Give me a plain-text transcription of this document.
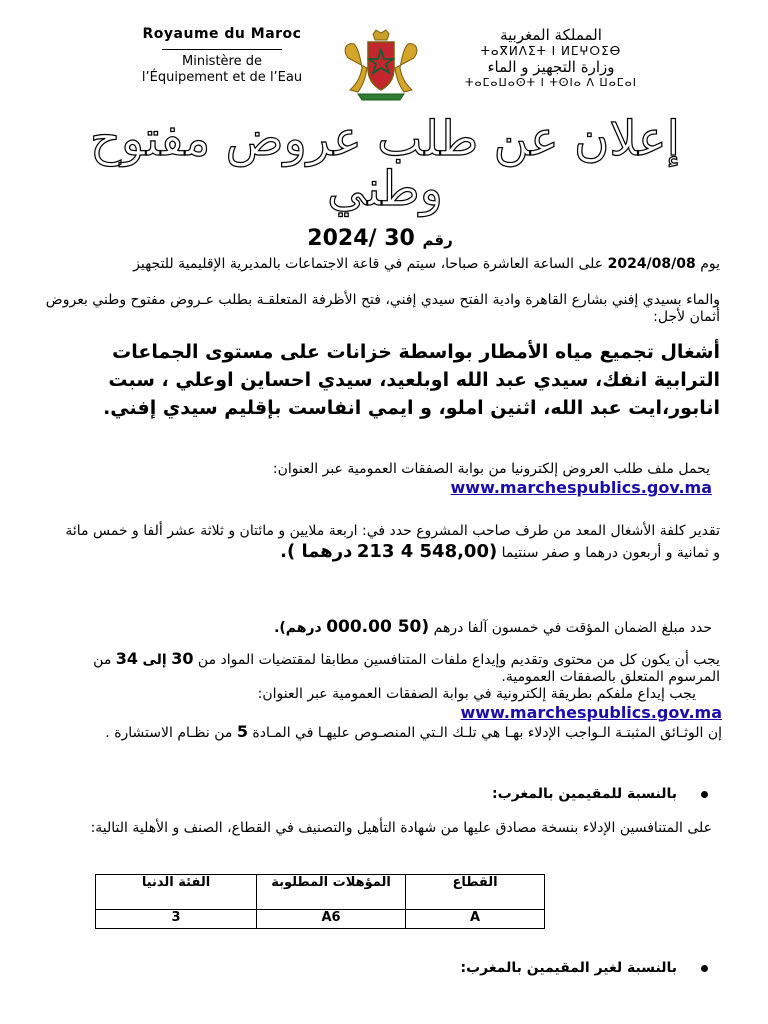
Royaume du Maroc
Ministère de
l’Équipement et de l’Eau
المملكة المغربية
ⵜⴰⴳⵍⴷⵉⵜ ⵏ ⵍⵎⵖⵔⵉⴱ
وزارة التجهيز و الماء
ⵜⴰⵎⴰⵡⴰⵙⵜ ⵏ ⵜⵙⵏⴰ ⴷ ⵡⴰⵎⴰⵏ
إعلان عن طلب عروض مفتوح وطني
رقم 2024/ 30
يوم 2024/08/08 على الساعة العاشرة صباحا، سيتم في قاعة الاجتماعات بالمديرية الإقليمية للتجهيز
والماء بسيدي إفني بشارع القاهرة وادية الفتح سيدي إفني، فتح الأظرفة المتعلقـة بطلب عـروض مفتوح وطني بعروض أثمان لأجل:
أشغال تجميع مياه الأمطار بواسطة خزانات على مستوى الجماعات الترابية انفك، سيدي عبد الله اوبلعيد، سيدي احساين اوعلي ، سبت انابور،ايت عبد الله، اثنين املو، و ايمي انفاست بإقليم سيدي إفني.
يحمل ملف طلب العروض إلكترونيا من بوابة الصفقات العمومية عبر العنوان:
www.marchespublics.gov.ma
تقدير كلفة الأشغال المعد من طرف صاحب المشروع حدد في: اربعة ملايين و مائتان و ثلاثة عشر ألفا و خمس مائة و ثمانية و أربعون درهما و صفر سنتيما (548,00 4 213 درهما ).
حدد مبلغ الضمان المؤقت في خمسون آلفا درهم (50 000.00 درهم).
يجب أن يكون كل من محتوى وتقديم وإيداع ملفات المتنافسين مطابقا لمقتضيات المواد من 30 إلى 34 من المرسوم المتعلق بالصفقات العمومية.
يجب إيداع ملفكم بطريقة إلكترونية في بوابة الصفقات العمومية عبر العنوان:
www.marchespublics.gov.ma
إن الوثـائق المثبتـة الـواجب الإدلاء بهـا هي تلـك الـتي المنصـوص عليهـا في المـادة 5 من نظـام الاستشارة .
بالنسبة للمقيمين بالمغرب:
على المتنافسين الإدلاء بنسخة مصادق عليها من شهادة التأهيل والتصنيف في القطاع، الصنف و الأهلية التالية:
القطاع	المؤهلات المطلوبة	الفئة الدنيا
A	A6	3
بالنسبة لغير المقيمين بالمغرب:
